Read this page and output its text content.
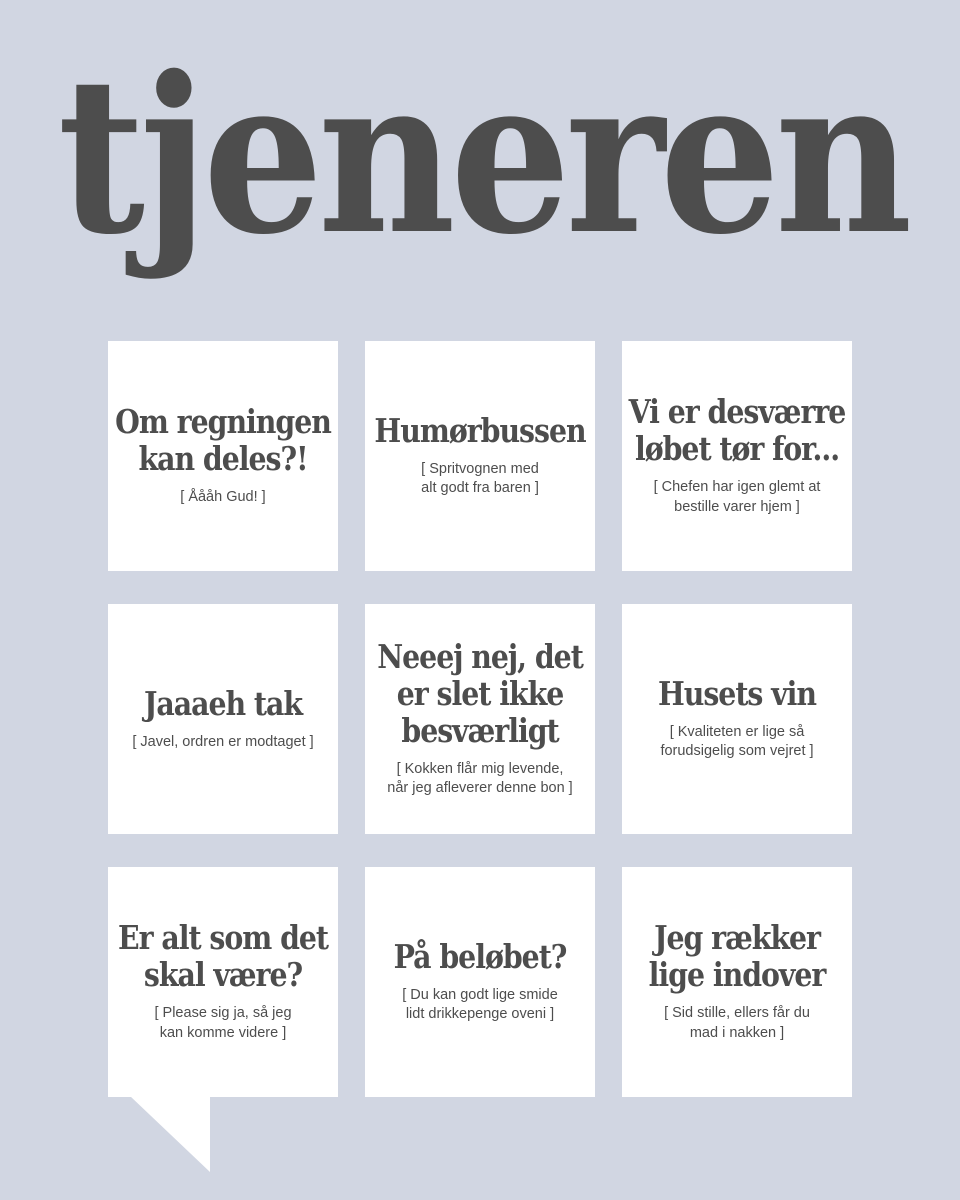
tjeneren
Om regningen
kan deles?!
[ Åååh Gud! ]
Humørbussen
[ Spritvognen med
alt godt fra baren ]
Vi er desværre
løbet tør for...
[ Chefen har igen glemt at
bestille varer hjem ]
Jaaaeh tak
[ Javel, ordren er modtaget ]
Neeej nej, det
er slet ikke
besværligt
[ Kokken flår mig levende,
når jeg afleverer denne bon ]
Husets vin
[ Kvaliteten er lige så
forudsigelig som vejret ]
Er alt som det
skal være?
[ Please sig ja, så jeg
kan komme videre ]
På beløbet?
[ Du kan godt lige smide
lidt drikkepenge oveni ]
Jeg rækker
lige indover
[ Sid stille, ellers får du
mad i nakken ]
